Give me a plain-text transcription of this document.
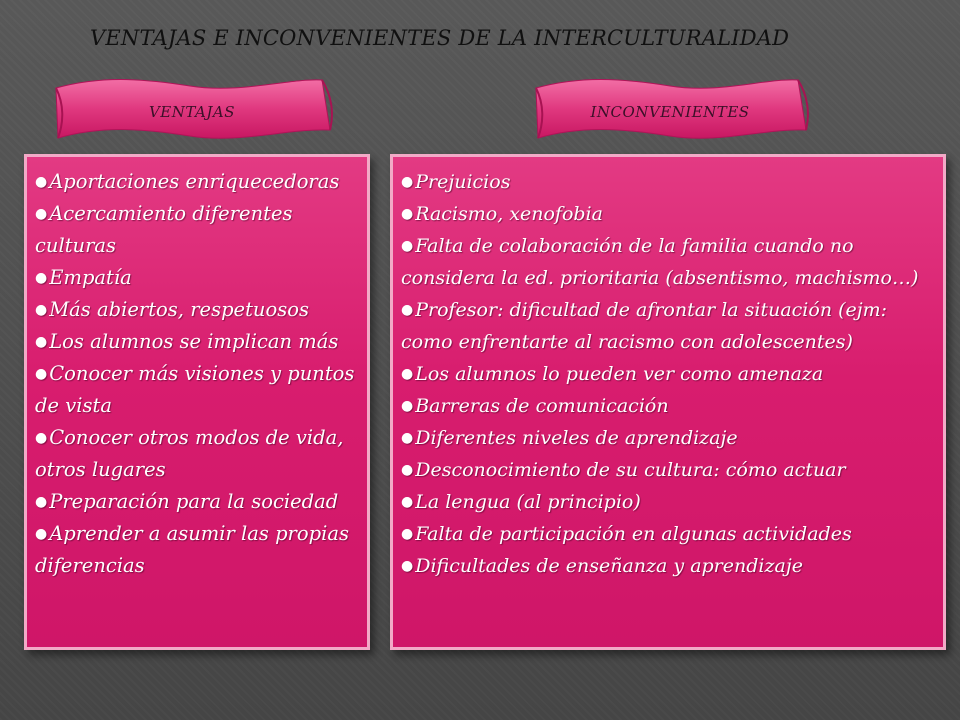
VENTAJAS E INCONVENIENTES DE LA INTERCULTURALIDAD
VENTAJAS	INCONVENIENTES
● Aportaciones enriquecedoras
● Acercamiento diferentes culturas
● Empatía
● Más abiertos, respetuosos
● Los alumnos se implican más
● Conocer más visiones y puntos de vista
● Conocer otros modos de vida, otros lugares
● Preparación para la sociedad
● Aprender a asumir las propias diferencias
● Prejuicios
● Racismo, xenofobia
● Falta de colaboración de la familia cuando no considera la ed. prioritaria (absentismo, machismo…)
● Profesor: dificultad de afrontar la situación (ejm: como enfrentarte al racismo con adolescentes)
● Los alumnos lo pueden ver como amenaza
● Barreras de comunicación
● Diferentes niveles de aprendizaje
● Desconocimiento de su cultura: cómo actuar
● La lengua (al principio)
● Falta de participación en algunas actividades
● Dificultades de enseñanza y aprendizaje
